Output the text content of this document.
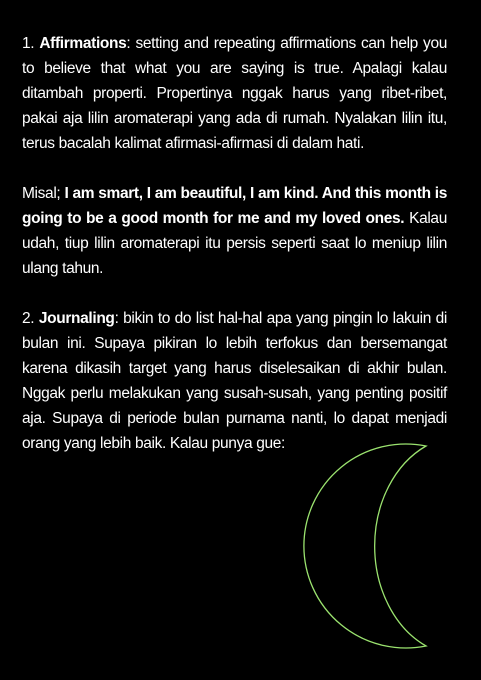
1. Affirmations: setting and repeating affirmations can help you to believe that what you are saying is true. Apalagi kalau ditambah properti. Propertinya nggak harus yang ribet-ribet, pakai aja lilin aromaterapi yang ada di rumah. Nyalakan lilin itu, terus bacalah kalimat afirmasi-afirmasi di dalam hati.

Misal; I am smart, I am beautiful, I am kind. And this month is going to be a good month for me and my loved ones. Kalau udah, tiup lilin aromaterapi itu persis seperti saat lo meniup lilin ulang tahun.

2. Journaling: bikin to do list hal-hal apa yang pingin lo lakuin di bulan ini. Supaya pikiran lo lebih terfokus dan bersemangat karena dikasih target yang harus diselesaikan di akhir bulan. Nggak perlu melakukan yang susah-susah, yang penting positif aja. Supaya di periode bulan purnama nanti, lo dapat menjadi orang yang lebih baik. Kalau punya gue:
